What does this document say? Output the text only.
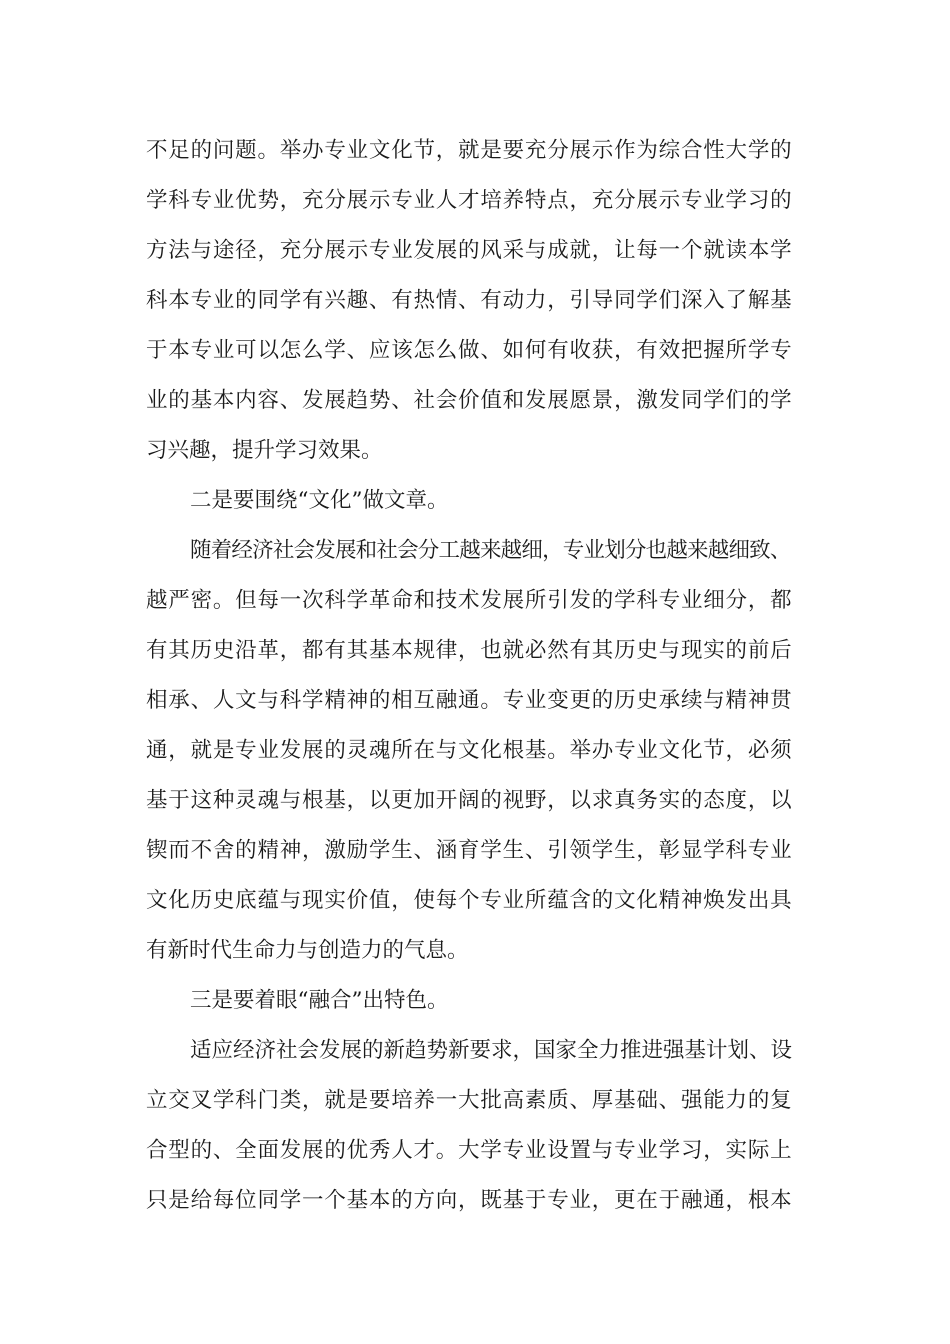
不足的问题。举办专业文化节，就是要充分展示作为综合性大学的
学科专业优势，充分展示专业人才培养特点，充分展示专业学习的
方法与途径，充分展示专业发展的风采与成就，让每一个就读本学
科本专业的同学有兴趣、有热情、有动力，引导同学们深入了解基
于本专业可以怎么学、应该怎么做、如何有收获，有效把握所学专
业的基本内容、发展趋势、社会价值和发展愿景，激发同学们的学
习兴趣，提升学习效果。
二是要围绕“文化”做文章。
随着经济社会发展和社会分工越来越细，专业划分也越来越细致、
越严密。但每一次科学革命和技术发展所引发的学科专业细分，都
有其历史沿革，都有其基本规律，也就必然有其历史与现实的前后
相承、人文与科学精神的相互融通。专业变更的历史承续与精神贯
通，就是专业发展的灵魂所在与文化根基。举办专业文化节，必须
基于这种灵魂与根基，以更加开阔的视野，以求真务实的态度，以
锲而不舍的精神，激励学生、涵育学生、引领学生，彰显学科专业
文化历史底蕴与现实价值，使每个专业所蕴含的文化精神焕发出具
有新时代生命力与创造力的气息。
三是要着眼“融合”出特色。
适应经济社会发展的新趋势新要求，国家全力推进强基计划、设
立交叉学科门类，就是要培养一大批高素质、厚基础、强能力的复
合型的、全面发展的优秀人才。大学专业设置与专业学习，实际上
只是给每位同学一个基本的方向，既基于专业，更在于融通，根本
